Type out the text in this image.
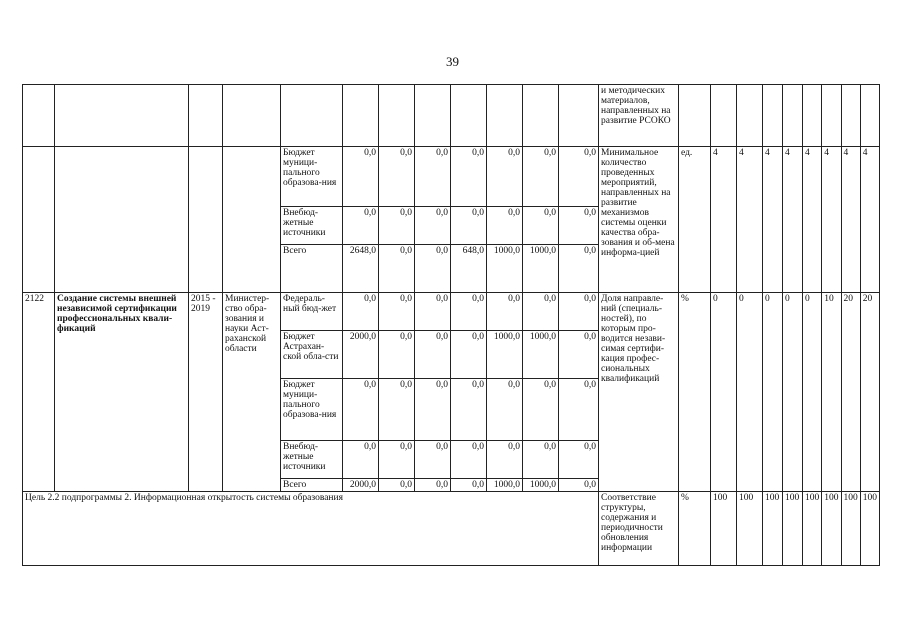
39
												и методических материалов, направленных на развитие РСОКО									
				Бюджет муници-пального образова-ния	0,0	0,0	0,0	0,0	0,0	0,0	0,0	Минимальное количество проведенных мероприятий, направленных на развитие механизмов системы оценки качества обра-зования и об-мена информа-цией	ед.	4	4	4	4	4	4	4	4
				Внебюд-жетные источники	0,0	0,0	0,0	0,0	0,0	0,0	0,0										
				Всего	2648,0	0,0	0,0	648,0	1000,0	1000,0	0,0										
2122	Создание системы внешней независимой сертификации профессиональных квали-фикаций	2015 - 2019	Министер-ство обра-зования и науки Аст-раханской области	Федераль-ный бюд-жет	0,0	0,0	0,0	0,0	0,0	0,0	0,0	Доля направле-ний (специаль-ностей), по которым про-водится незави-симая сертифи-кация профес-сиональных квалификаций	%	0	0	0	0	0	10	20	20
				Бюджет Астрахан-ской обла-сти	2000,0	0,0	0,0	0,0	1000,0	1000,0	0,0										
				Бюджет муници-пального образова-ния	0,0	0,0	0,0	0,0	0,0	0,0	0,0										
				Внебюд-жетные источники	0,0	0,0	0,0	0,0	0,0	0,0	0,0										
				Всего	2000,0	0,0	0,0	0,0	1000,0	1000,0	0,0										
Цель 2.2 подпрограммы 2. Информационная открытость системы образования												Соответствие структуры, содержания и периодичности обновления информации	%	100	100	100	100	100	100	100	100
